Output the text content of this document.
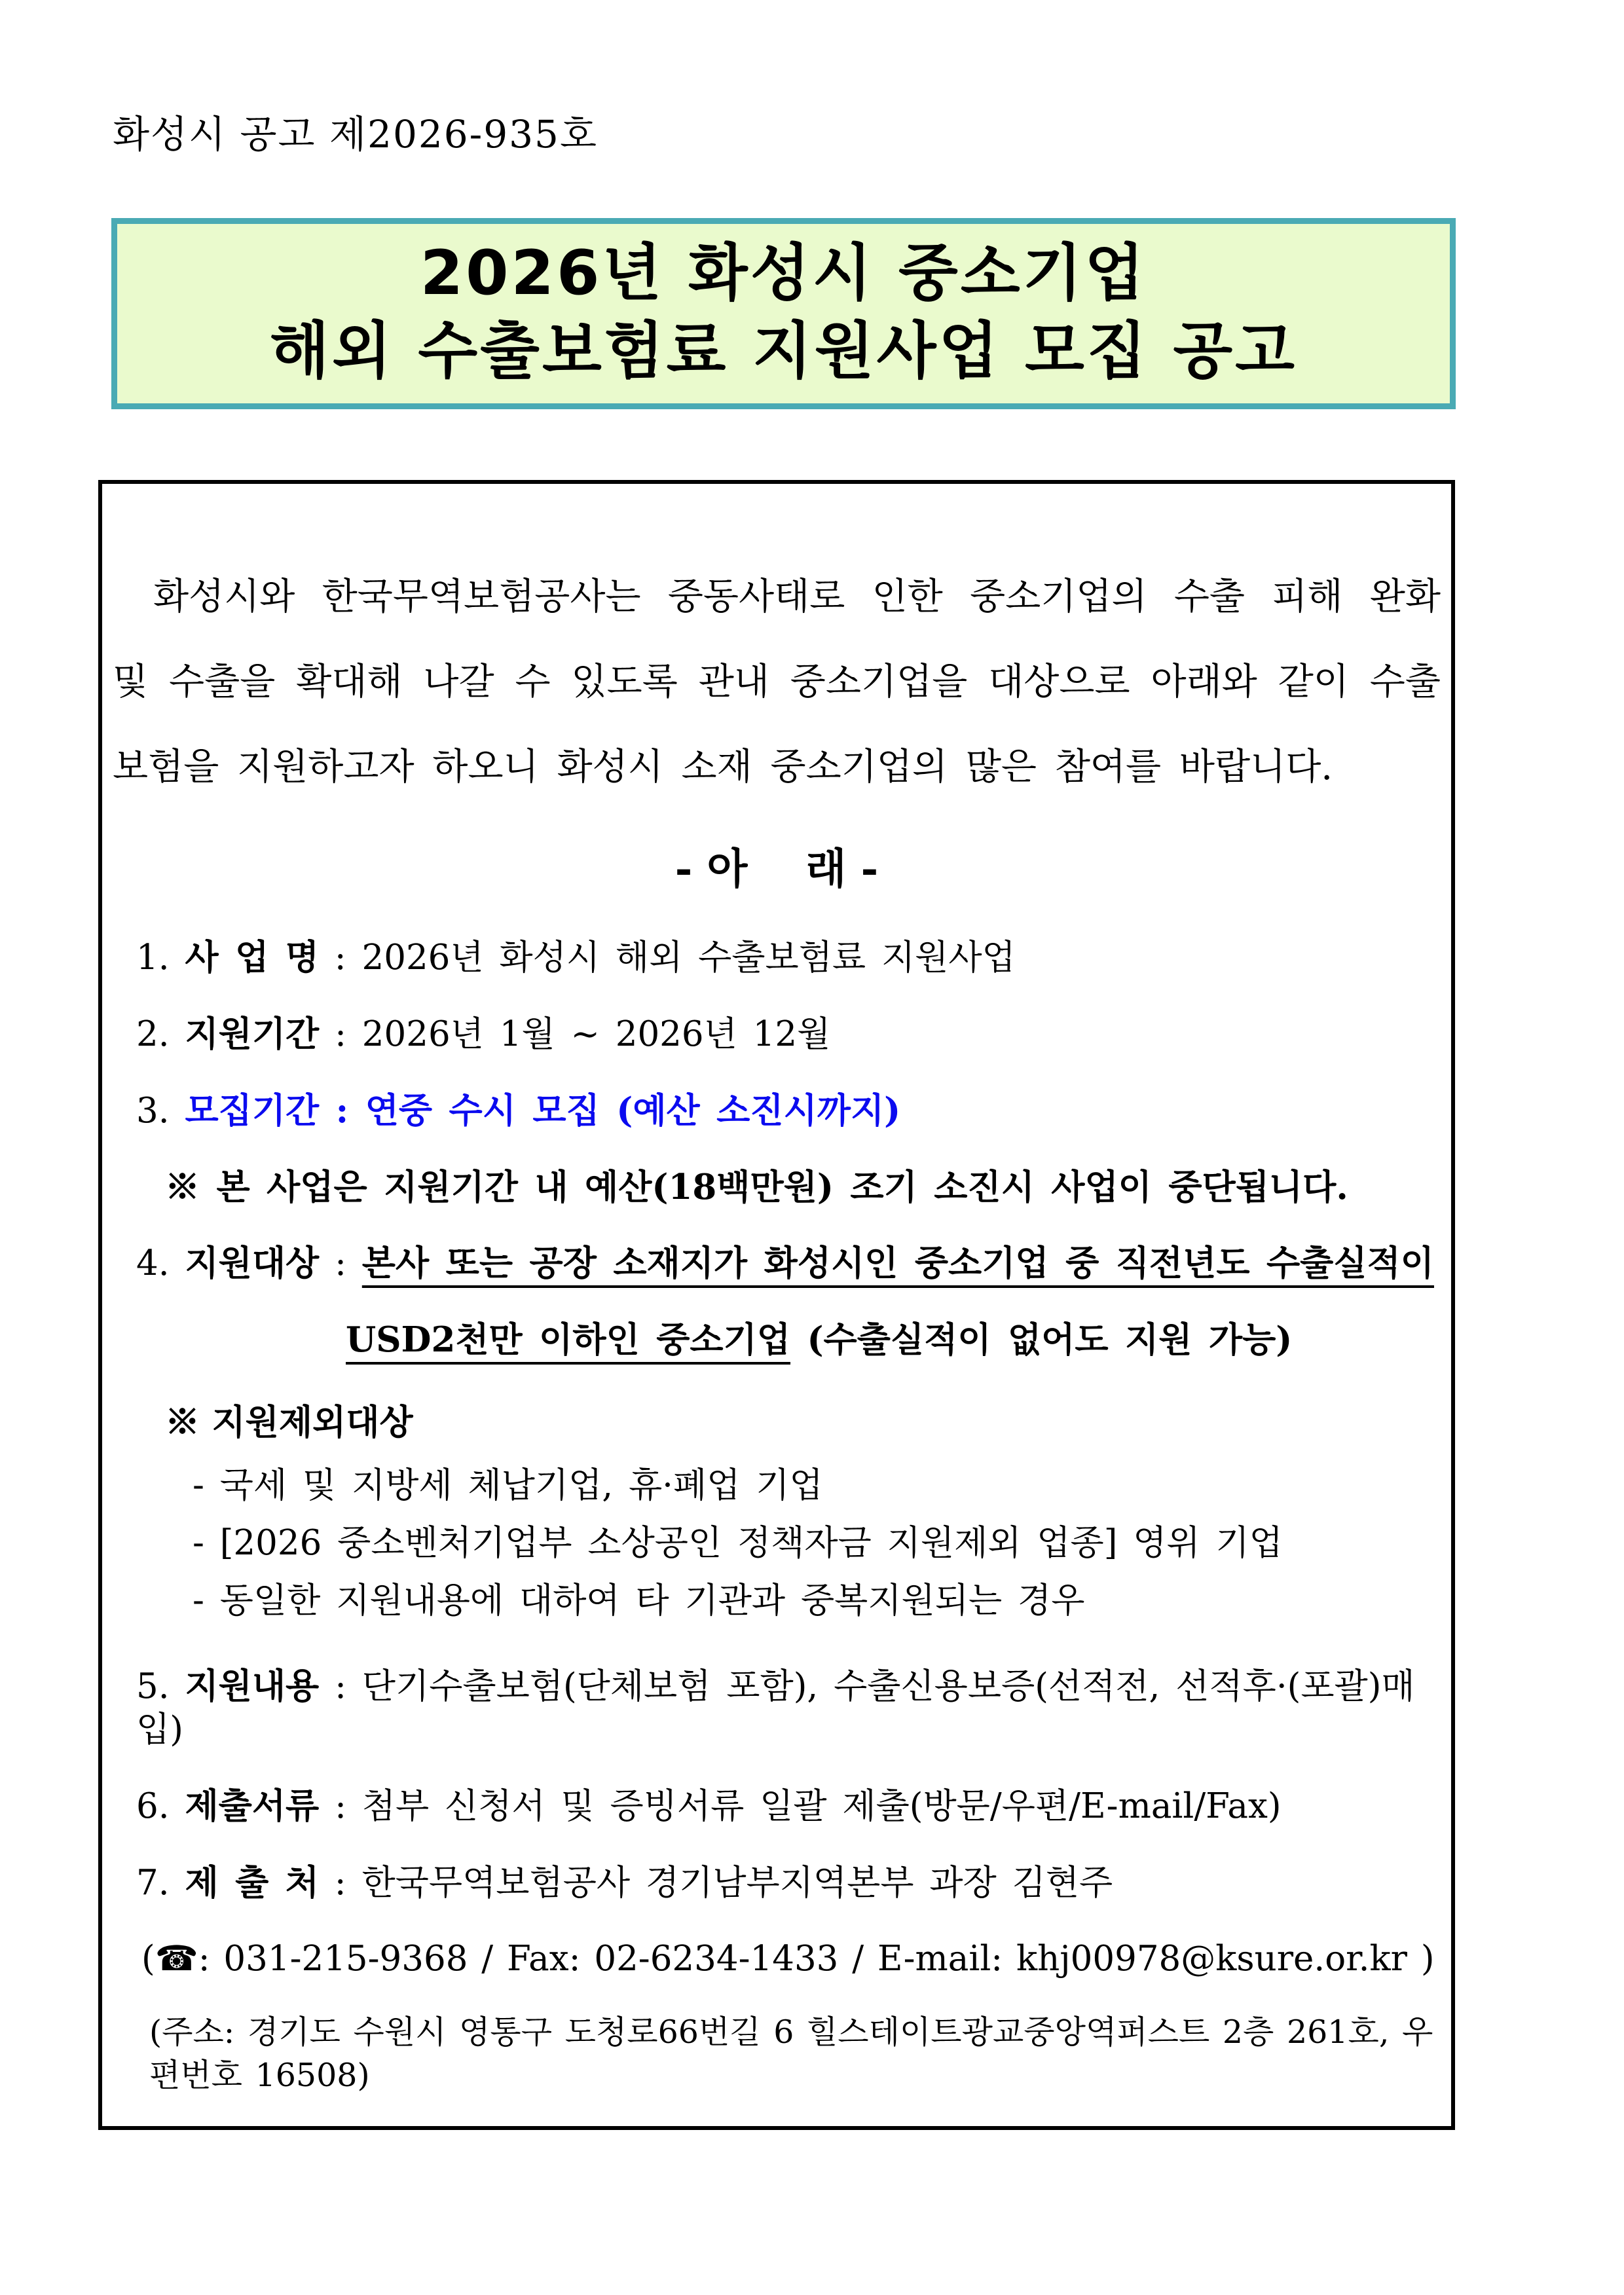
화성시 공고 제2026-935호
2026년 화성시 중소기업
해외 수출보험료 지원사업 모집 공고
화성시와 한국무역보험공사는 중동사태로 인한 중소기업의 수출 피해 완화
및 수출을 확대해 나갈 수 있도록 관내 중소기업을 대상으로 아래와 같이 수출
보험을 지원하고자 하오니 화성시 소재 중소기업의 많은 참여를 바랍니다.
- 아    래 -
1. 사 업 명 : 2026년 화성시 해외 수출보험료 지원사업
2. 지원기간 : 2026년 1월 ~ 2026년 12월
3. 모집기간 : 연중 수시 모집 (예산 소진시까지)
※ 본 사업은 지원기간 내 예산(18백만원) 조기 소진시 사업이 중단됩니다.
4. 지원대상 : 본사 또는 공장 소재지가 화성시인 중소기업 중 직전년도 수출실적이
USD2천만 이하인 중소기업 (수출실적이 없어도 지원 가능)
※ 지원제외대상
- 국세 및 지방세 체납기업, 휴·폐업 기업
- [2026 중소벤처기업부 소상공인 정책자금 지원제외 업종] 영위 기업
- 동일한 지원내용에 대하여 타 기관과 중복지원되는 경우
5. 지원내용 : 단기수출보험(단체보험 포함), 수출신용보증(선적전, 선적후·(포괄)매입)
6. 제출서류 : 첨부 신청서 및 증빙서류 일괄 제출(방문/우편/E-mail/Fax)
7. 제 출 처 : 한국무역보험공사 경기남부지역본부 과장 김현주
(☎: 031-215-9368 / Fax: 02-6234-1433 / E-mail: khj00978@ksure.or.kr )
(주소: 경기도 수원시 영통구 도청로66번길 6 힐스테이트광교중앙역퍼스트 2층 261호, 우편번호 16508)
